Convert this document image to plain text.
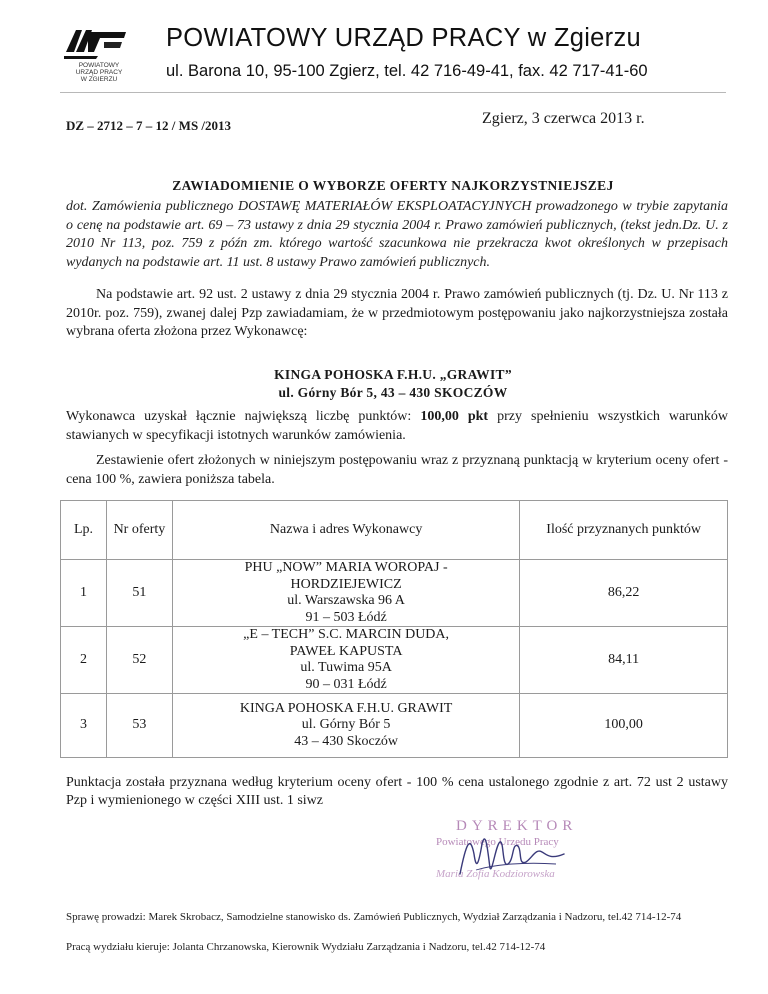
POWIATOWY
URZĄD PRACY
W ZGIERZU
POWIATOWY URZĄD PRACY w Zgierzu
ul. Barona 10, 95-100 Zgierz, tel. 42 716-49-41, fax. 42 717-41-60
DZ – 2712 – 7 – 12 / MS /2013	Zgierz, 3 czerwca 2013 r.
ZAWIADOMIENIE O WYBORZE OFERTY NAJKORZYSTNIEJSZEJ
dot. Zamówienia publicznego DOSTAWĘ MATERIAŁÓW EKSPLOATACYJNYCH prowadzonego w trybie zapytania o cenę na podstawie art. 69 – 73 ustawy z dnia 29 stycznia 2004 r. Prawo zamówień publicznych, (tekst jedn.Dz. U. z 2010 Nr 113, poz. 759 z późn zm. którego wartość szacunkowa nie przekracza kwot określonych w przepisach wydanych na podstawie art. 11 ust. 8 ustawy Prawo zamówień publicznych.
Na podstawie art. 92 ust. 2 ustawy z dnia 29 stycznia 2004 r. Prawo zamówień publicznych (tj. Dz. U. Nr 113 z 2010r. poz. 759), zwanej dalej Pzp zawiadamiam, że w przedmiotowym postępowaniu jako najkorzystniejsza została wybrana oferta złożona przez Wykonawcę:
KINGA POHOSKA F.H.U. „GRAWIT”
ul. Górny Bór 5, 43 – 430 SKOCZÓW
Wykonawca uzyskał łącznie największą liczbę punktów: 100,00 pkt przy spełnieniu wszystkich warunków stawianych w specyfikacji istotnych warunków zamówienia.
Zestawienie ofert złożonych w niniejszym postępowaniu wraz z przyznaną punktacją w kryterium oceny ofert - cena 100 %, zawiera poniższa tabela.
Lp.	Nr oferty	Nazwa i adres Wykonawcy	Ilość przyznanych punktów
1	51	PHU „NOW” MARIA WOROPAJ -
HORDZIEJEWICZ
ul. Warszawska 96 A
91 – 503 Łódź	86,22
2	52	„E – TECH” S.C. MARCIN DUDA,
PAWEŁ KAPUSTA
ul. Tuwima 95A
90 – 031 Łódź	84,11
3	53	KINGA POHOSKA F.H.U. GRAWIT
ul. Górny Bór 5
43 – 430 Skoczów	100,00
Punktacja została przyznana według kryterium oceny ofert - 100 % cena ustalonego zgodnie z art. 72 ust 2 ustawy Pzp i wymienionego w części XIII ust. 1 siwz
DYREKTOR
Powiatowego Urzędu Pracy
Maria Zofia Kodziorowska
Sprawę prowadzi: Marek Skrobacz, Samodzielne stanowisko ds. Zamówień Publicznych, Wydział Zarządzania i Nadzoru, tel.42 714-12-74
Pracą wydziału kieruje: Jolanta Chrzanowska, Kierownik Wydziału Zarządzania i Nadzoru, tel.42 714-12-74
